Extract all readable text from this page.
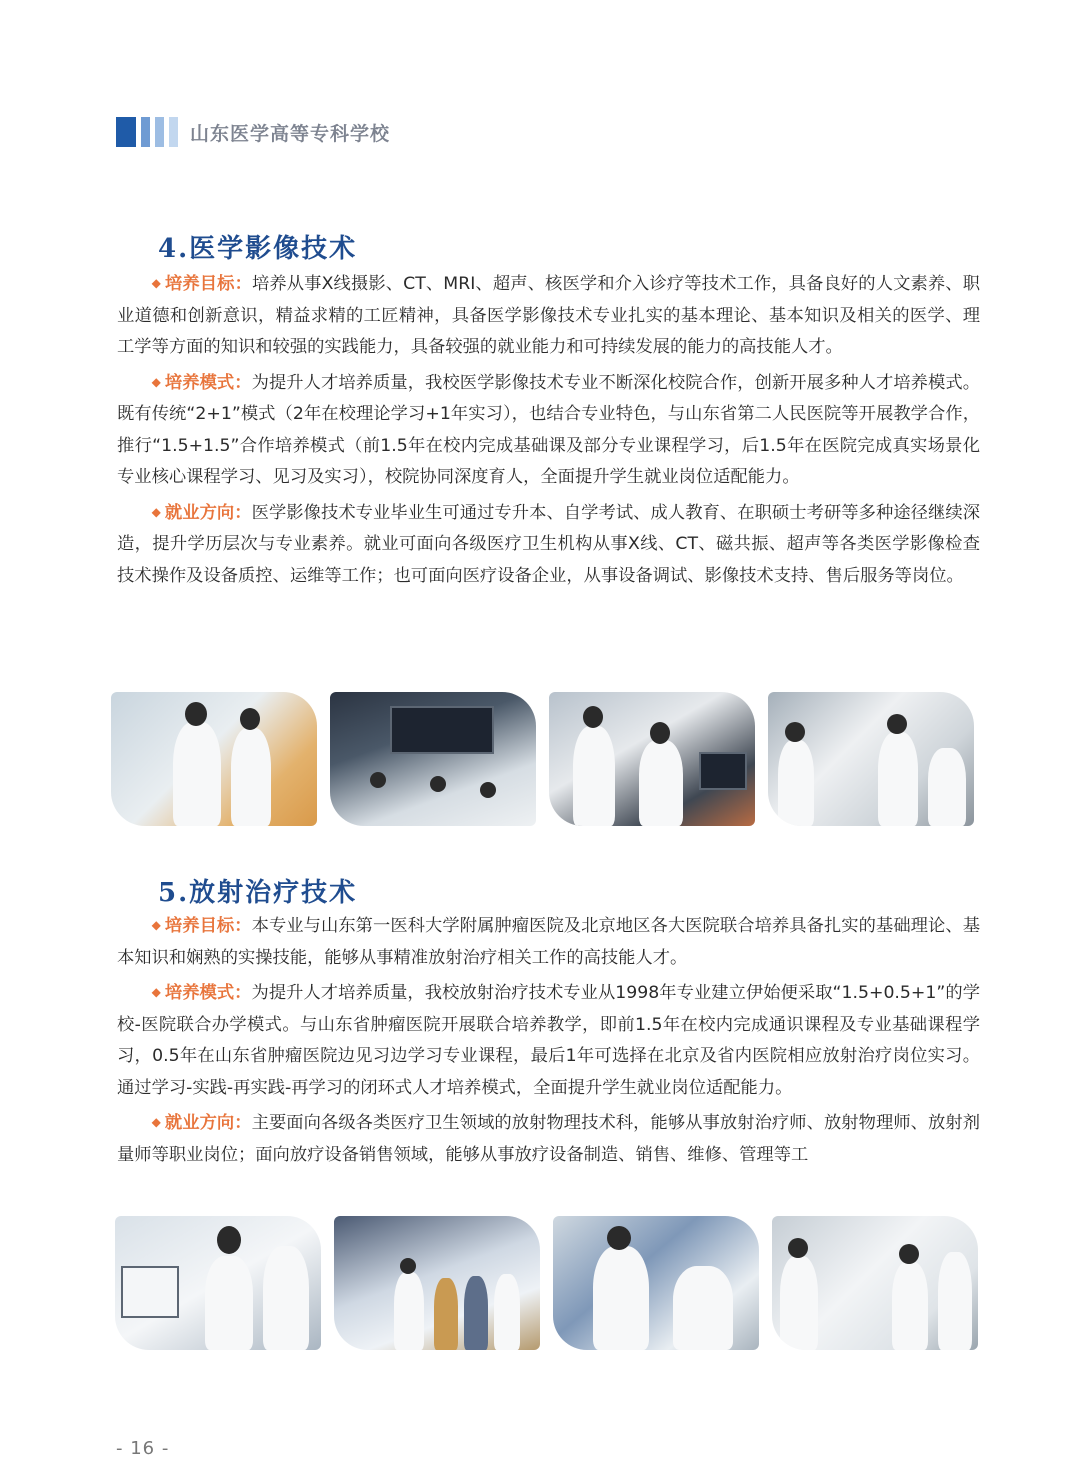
山东医学高等专科学校
4.医学影像技术

◆ 培养目标：培养从事X线摄影、CT、MRI、超声、核医学和介入诊疗等技术工作，具备良好的人文素养、职业道德和创新意识，精益求精的工匠精神，具备医学影像技术专业扎实的基本理论、基本知识及相关的医学、理工学等方面的知识和较强的实践能力，具备较强的就业能力和可持续发展的能力的高技能人才。

◆ 培养模式：为提升人才培养质量，我校医学影像技术专业不断深化校院合作，创新开展多种人才培养模式。既有传统“2+1”模式（2年在校理论学习+1年实习），也结合专业特色，与山东省第二人民医院等开展教学合作，推行“1.5+1.5”合作培养模式（前1.5年在校内完成基础课及部分专业课程学习，后1.5年在医院完成真实场景化专业核心课程学习、见习及实习），校院协同深度育人，全面提升学生就业岗位适配能力。

◆ 就业方向：医学影像技术专业毕业生可通过专升本、自学考试、成人教育、在职硕士考研等多种途径继续深造，提升学历层次与专业素养。就业可面向各级医疗卫生机构从事X线、CT、磁共振、超声等各类医学影像检查技术操作及设备质控、运维等工作；也可面向医疗设备企业，从事设备调试、影像技术支持、售后服务等岗位。

5.放射治疗技术

◆ 培养目标：本专业与山东第一医科大学附属肿瘤医院及北京地区各大医院联合培养具备扎实的基础理论、基本知识和娴熟的实操技能，能够从事精准放射治疗相关工作的高技能人才。

◆ 培养模式：为提升人才培养质量，我校放射治疗技术专业从1998年专业建立伊始便采取“1.5+0.5+1”的学校-医院联合办学模式。与山东省肿瘤医院开展联合培养教学，即前1.5年在校内完成通识课程及专业基础课程学习，0.5年在山东省肿瘤医院边见习边学习专业课程，最后1年可选择在北京及省内医院相应放射治疗岗位实习。通过学习-实践-再实践-再学习的闭环式人才培养模式，全面提升学生就业岗位适配能力。

◆ 就业方向：主要面向各级各类医疗卫生领域的放射物理技术科，能够从事放射治疗师、放射物理师、放射剂量师等职业岗位；面向放疗设备销售领域，能够从事放疗设备制造、销售、维修、管理等工

- 16 -
